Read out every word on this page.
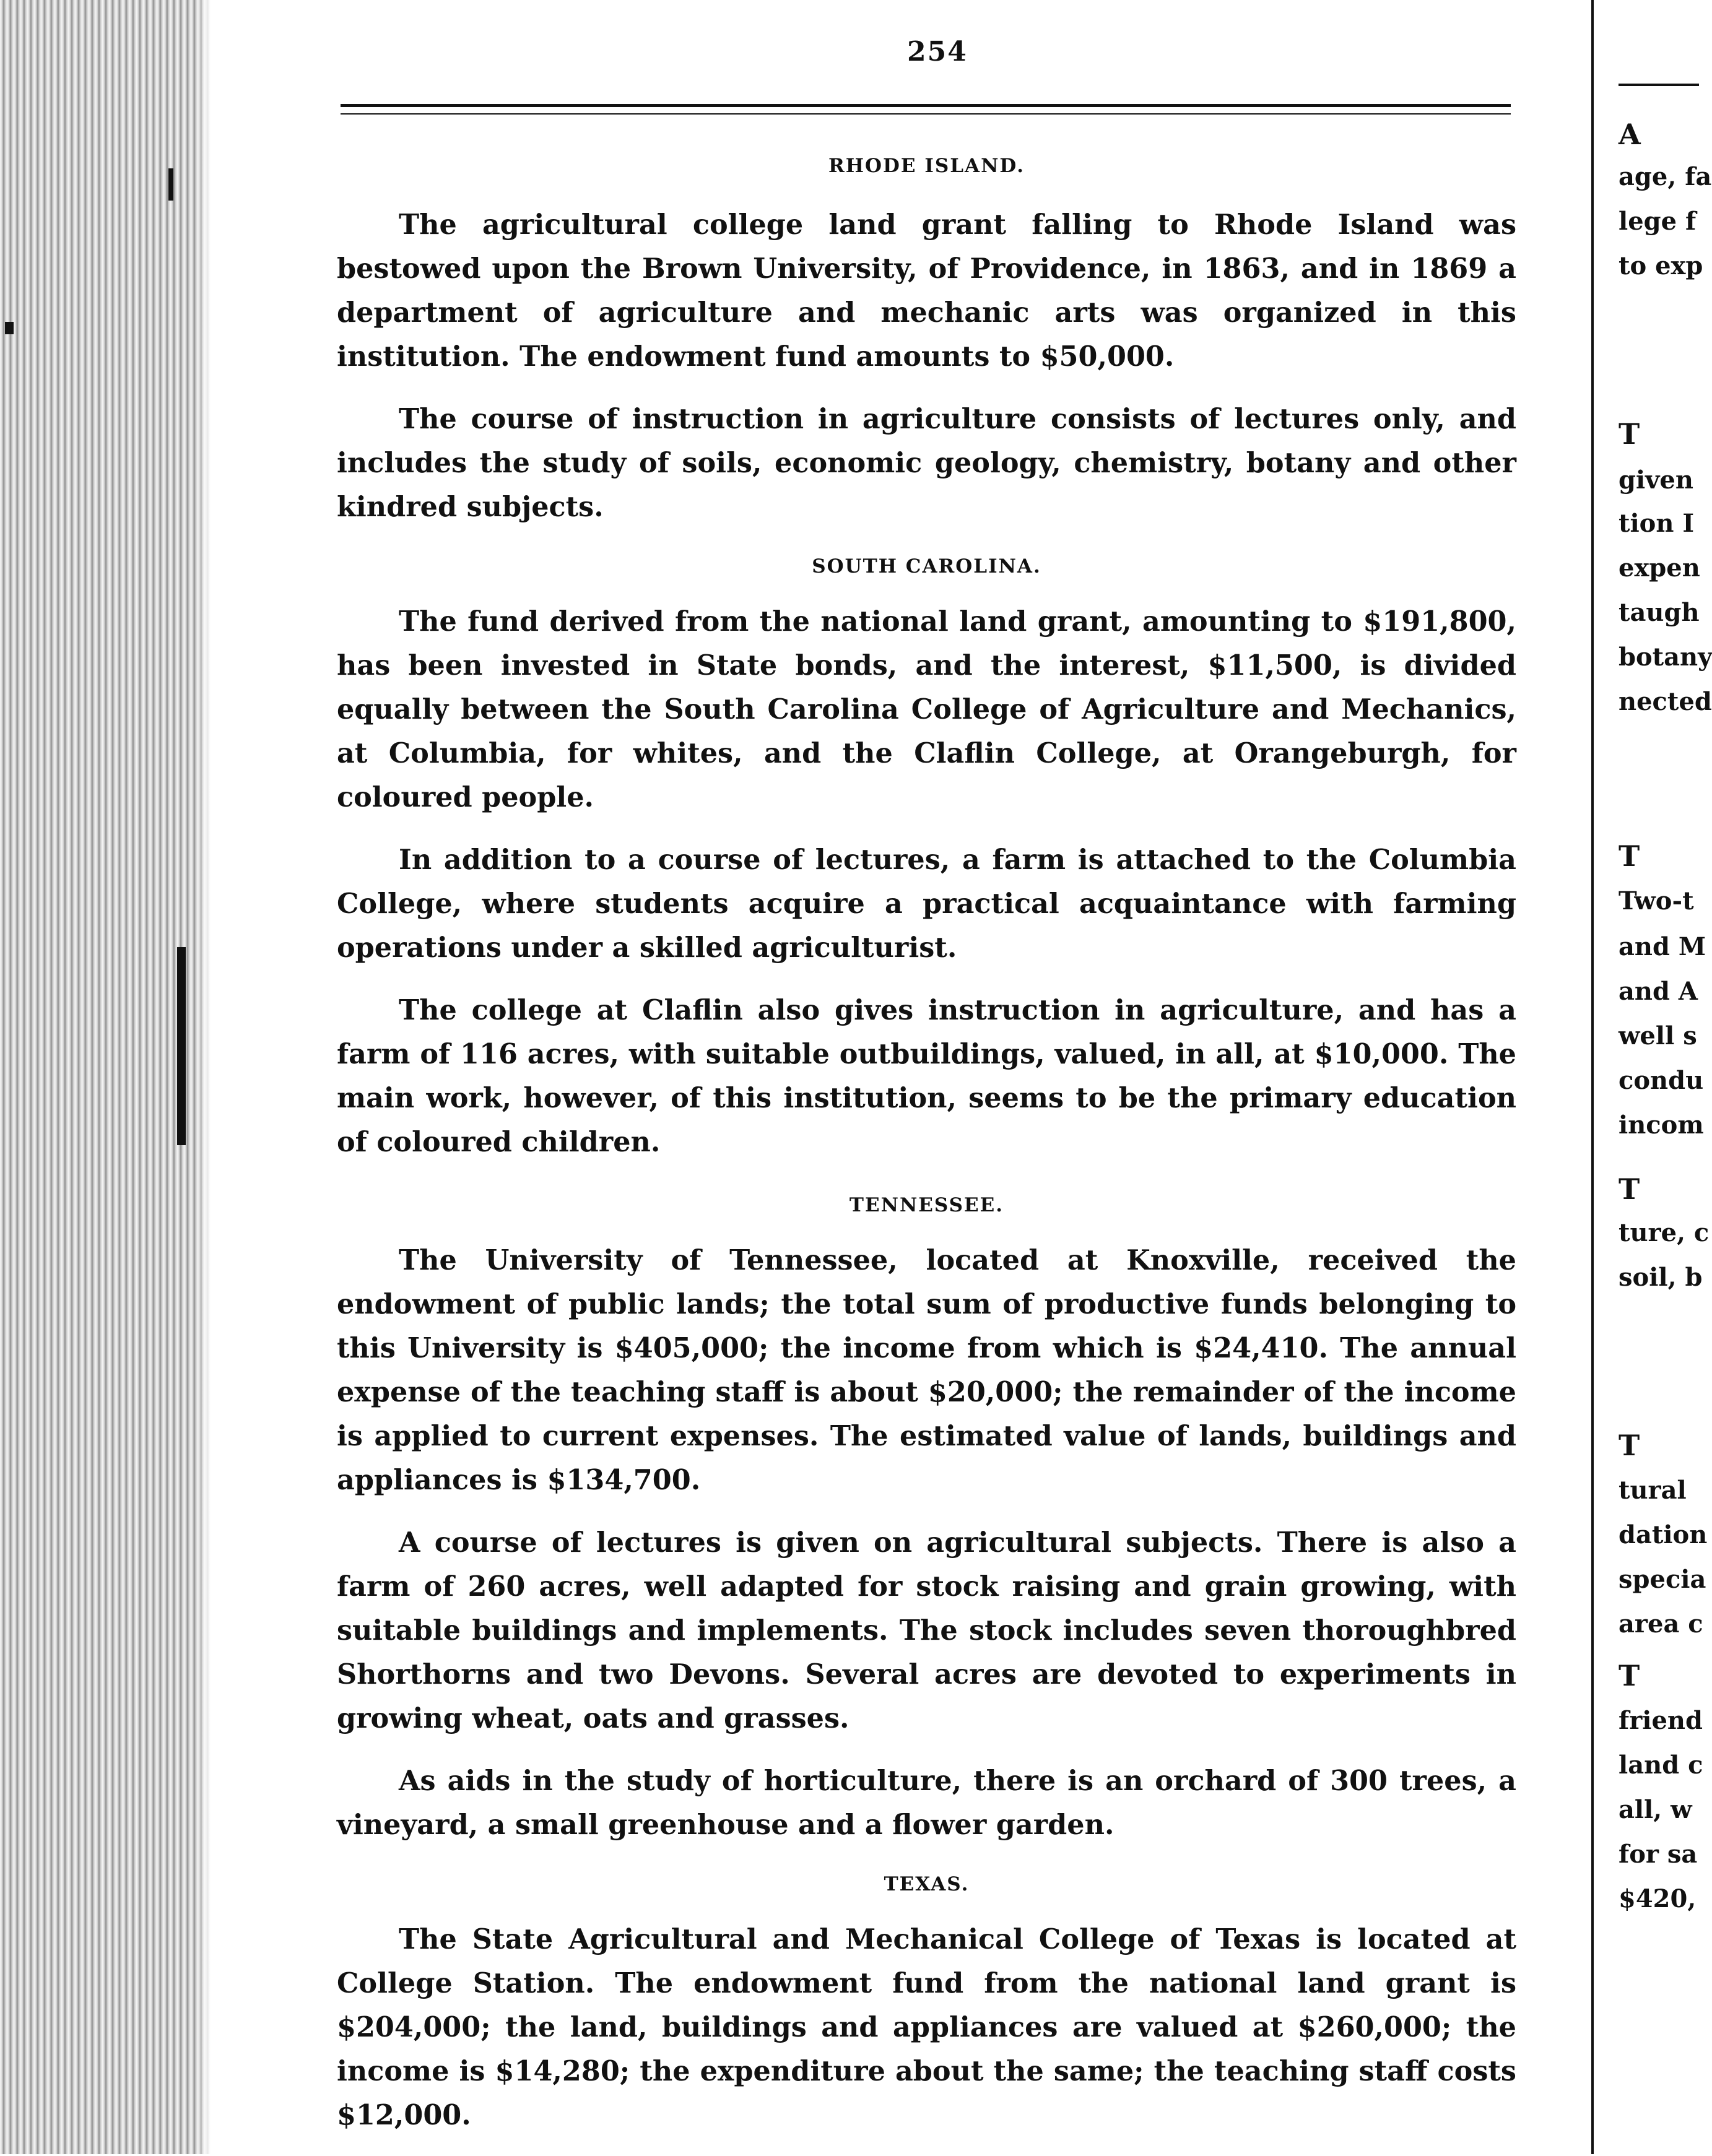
254

RHODE ISLAND.

The agricultural college land grant falling to Rhode Island was bestowed upon the Brown University, of Providence, in 1863, and in 1869 a department of agriculture and mechanic arts was organized in this institution. The endowment fund amounts to $50,000.

The course of instruction in agriculture consists of lectures only, and includes the study of soils, economic geology, chemistry, botany and other kindred subjects.

SOUTH CAROLINA.

The fund derived from the national land grant, amounting to $191,800, has been invested in State bonds, and the interest, $11,500, is divided equally between the South Carolina College of Agriculture and Mechanics, at Columbia, for whites, and the Claflin College, at Orangeburgh, for coloured people.

In addition to a course of lectures, a farm is attached to the Columbia College, where students acquire a practical acquaintance with farming operations under a skilled agriculturist.

The college at Claflin also gives instruction in agriculture, and has a farm of 116 acres, with suitable outbuildings, valued, in all, at $10,000. The main work, however, of this institution, seems to be the primary education of coloured children.

TENNESSEE.

The University of Tennessee, located at Knoxville, received the endowment of public lands; the total sum of productive funds belonging to this University is $405,000; the income from which is $24,410. The annual expense of the teaching staff is about $20,000; the remainder of the income is applied to current expenses. The estimated value of lands, buildings and appliances is $134,700.

A course of lectures is given on agricultural subjects. There is also a farm of 260 acres, well adapted for stock raising and grain growing, with suitable buildings and implements. The stock includes seven thoroughbred Shorthorns and two Devons. Several acres are devoted to experiments in growing wheat, oats and grasses.

As aids in the study of horticulture, there is an orchard of 300 trees, a vineyard, a small greenhouse and a flower garden.

TEXAS.

The State Agricultural and Mechanical College of Texas is located at College Station. The endowment fund from the national land grant is $204,000; the land, buildings and appliances are valued at $260,000; the income is $14,280; the expenditure about the same; the teaching staff costs $12,000.

A
age, fa
lege f
to exp
T
given
tion I
expen
taugh
botany
nected
T
Two-t
and M
and A
well s
condu
incom
T
ture, c
soil, b
T
tural
dation
specia
area c
T
friend
land c
all, w
for sa
$420,
